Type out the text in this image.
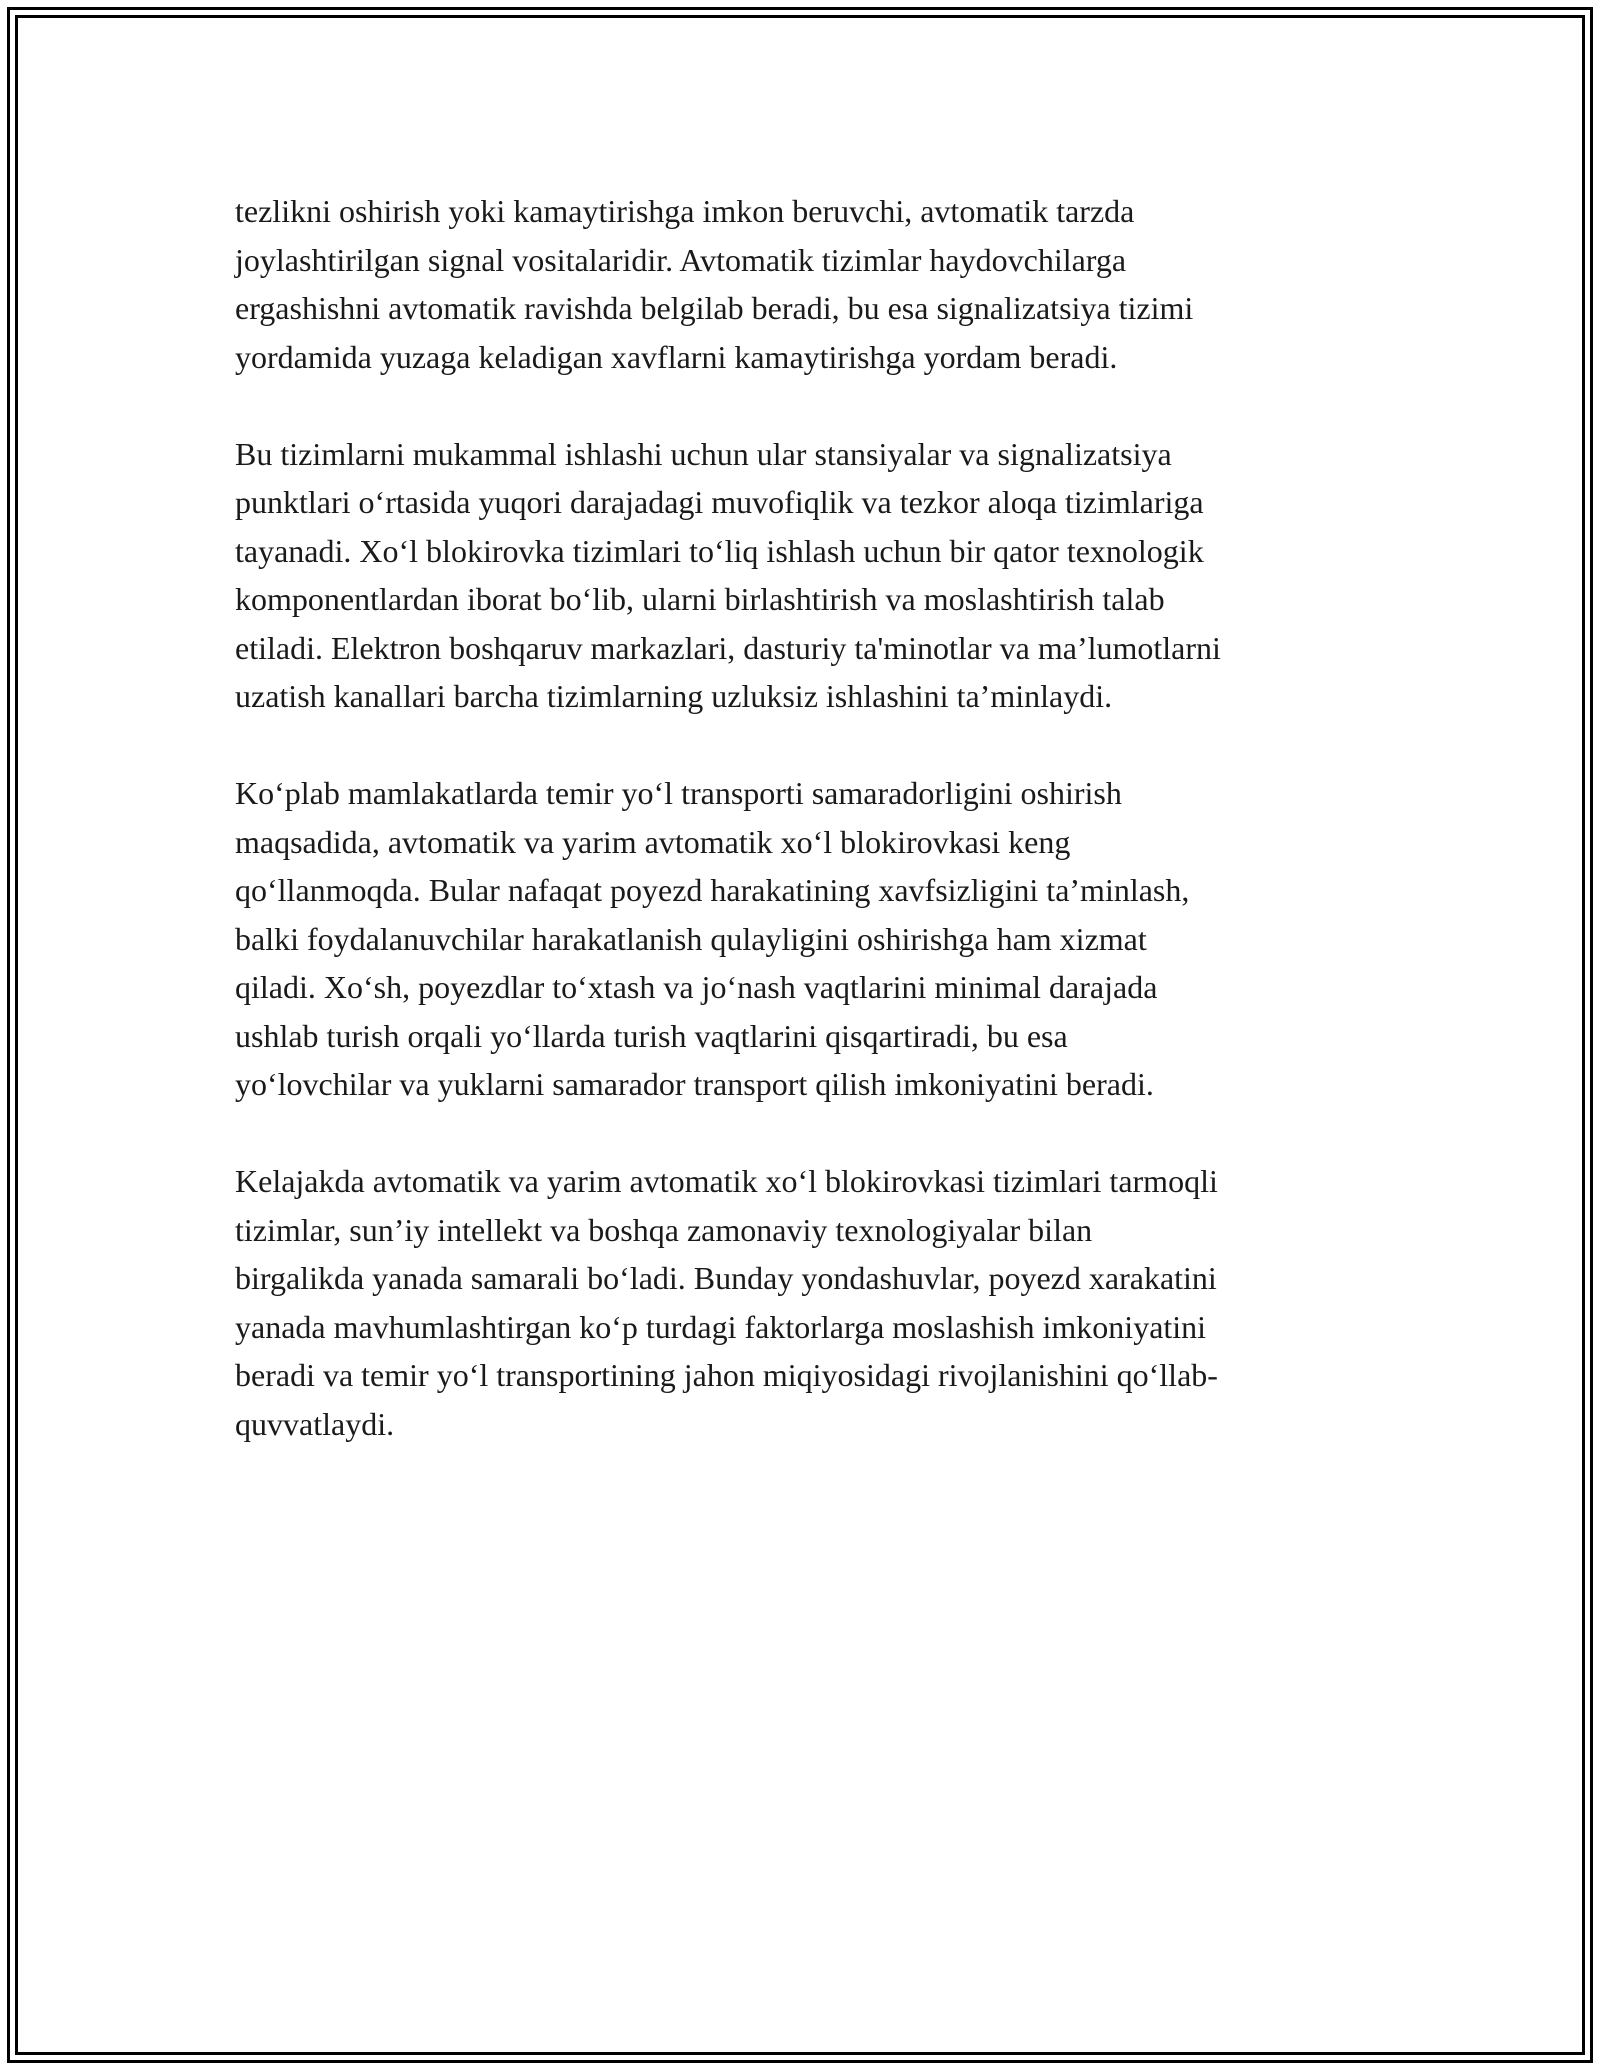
tezlikni oshirish yoki kamaytirishga imkon beruvchi, avtomatik tarzda
joylashtirilgan signal vositalaridir. Avtomatik tizimlar haydovchilarga
ergashishni avtomatik ravishda belgilab beradi, bu esa signalizatsiya tizimi
yordamida yuzaga keladigan xavflarni kamaytirishga yordam beradi.

Bu tizimlarni mukammal ishlashi uchun ular stansiyalar va signalizatsiya
punktlari o‘rtasida yuqori darajadagi muvofiqlik va tezkor aloqa tizimlariga
tayanadi. Xo‘l blokirovka tizimlari to‘liq ishlash uchun bir qator texnologik
komponentlardan iborat bo‘lib, ularni birlashtirish va moslashtirish talab
etiladi. Elektron boshqaruv markazlari, dasturiy ta'minotlar va ma’lumotlarni
uzatish kanallari barcha tizimlarning uzluksiz ishlashini ta’minlaydi.

Ko‘plab mamlakatlarda temir yo‘l transporti samaradorligini oshirish
maqsadida, avtomatik va yarim avtomatik xo‘l blokirovkasi keng
qo‘llanmoqda. Bular nafaqat poyezd harakatining xavfsizligini ta’minlash,
balki foydalanuvchilar harakatlanish qulayligini oshirishga ham xizmat
qiladi. Xo‘sh, poyezdlar to‘xtash va jo‘nash vaqtlarini minimal darajada
ushlab turish orqali yo‘llarda turish vaqtlarini qisqartiradi, bu esa
yo‘lovchilar va yuklarni samarador transport qilish imkoniyatini beradi.

Kelajakda avtomatik va yarim avtomatik xo‘l blokirovkasi tizimlari tarmoqli
tizimlar, sun’iy intellekt va boshqa zamonaviy texnologiyalar bilan
birgalikda yanada samarali bo‘ladi. Bunday yondashuvlar, poyezd xarakatini
yanada mavhumlashtirgan ko‘p turdagi faktorlarga moslashish imkoniyatini
beradi va temir yo‘l transportining jahon miqiyosidagi rivojlanishini qo‘llab-
quvvatlaydi.
